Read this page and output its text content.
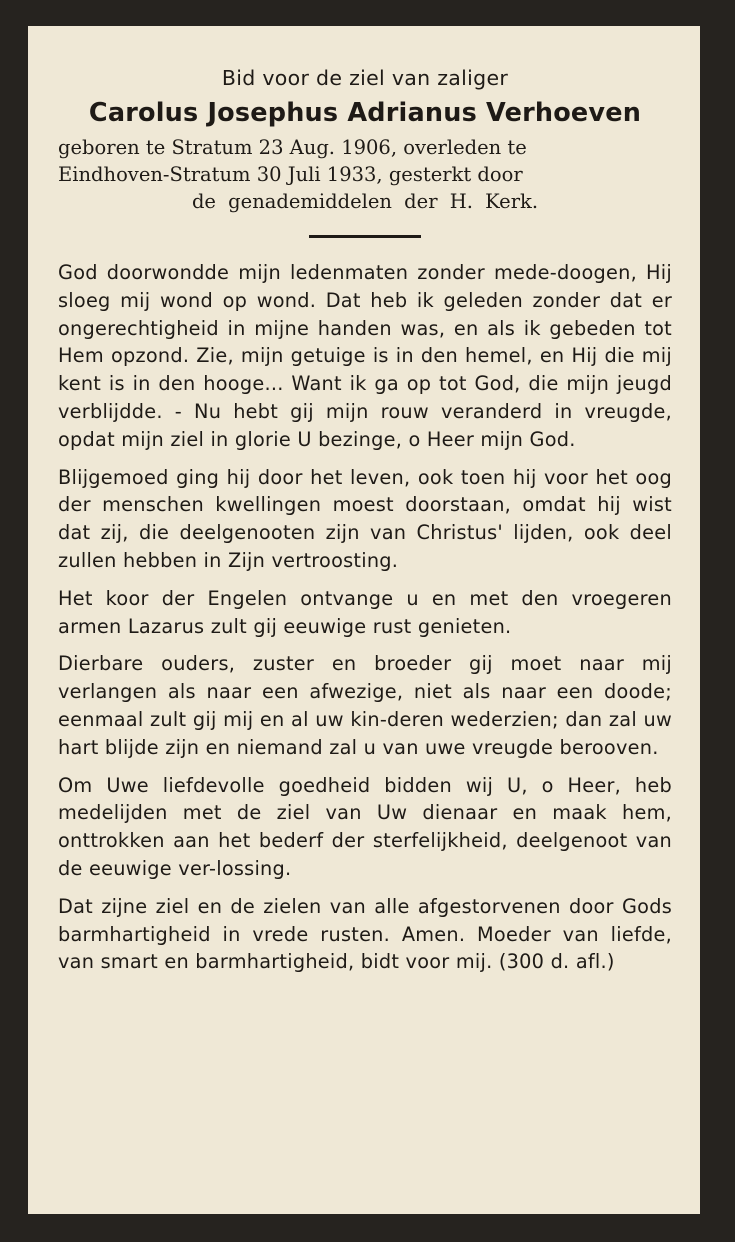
Bid voor de ziel van zaliger

Carolus Josephus Adrianus Verhoeven
geboren te Stratum 23 Aug. 1906, overleden te
Eindhoven-Stratum 30 Juli 1933, gesterkt door
de genademiddelen der H. Kerk.

God doorwondde mijn ledenmaten zonder mede-doogen, Hij sloeg mij wond op wond. Dat heb ik geleden zonder dat er ongerechtigheid in mijne handen was, en als ik gebeden tot Hem opzond. Zie, mijn getuige is in den hemel, en Hij die mij kent is in den hooge... Want ik ga op tot God, die mijn jeugd verblijdde. - Nu hebt gij mijn rouw veranderd in vreugde, opdat mijn ziel in glorie U bezinge, o Heer mijn God.

Blijgemoed ging hij door het leven, ook toen hij voor het oog der menschen kwellingen moest doorstaan, omdat hij wist dat zij, die deelgenooten zijn van Christus' lijden, ook deel zullen hebben in Zijn vertroosting.

Het koor der Engelen ontvange u en met den vroegeren armen Lazarus zult gij eeuwige rust genieten.

Dierbare ouders, zuster en broeder gij moet naar mij verlangen als naar een afwezige, niet als naar een doode; eenmaal zult gij mij en al uw kin-deren wederzien; dan zal uw hart blijde zijn en niemand zal u van uwe vreugde berooven.

Om Uwe liefdevolle goedheid bidden wij U, o Heer, heb medelijden met de ziel van Uw dienaar en maak hem, onttrokken aan het bederf der sterfelijkheid, deelgenoot van de eeuwige ver-lossing.

Dat zijne ziel en de zielen van alle afgestorvenen door Gods barmhartigheid in vrede rusten. Amen. Moeder van liefde, van smart en barmhartigheid, bidt voor mij. (300 d. afl.)
